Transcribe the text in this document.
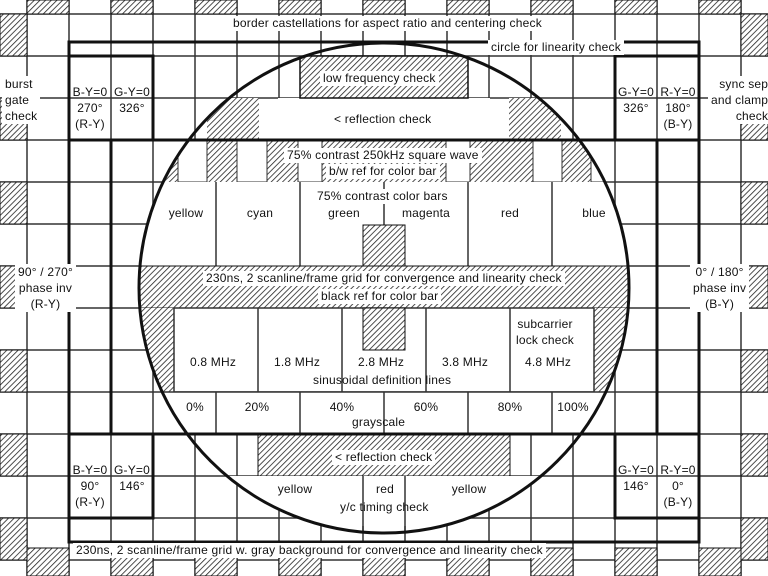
border castellations for aspect ratio and centering check
circle for linearity check
low frequency check
< reflection check
75% contrast 250kHz square wave
b/w ref for color bar
75% contrast color bars
yellow	cyan	green	magenta	red	blue
230ns, 2 scanline/frame grid for convergence and linearity check
black ref for color bar
subcarrier
lock check
0.8 MHz	1.8 MHz	2.8 MHz	3.8 MHz	4.8 MHz
sinusoidal definition lines
0%	20%	40%	60%	80%	100%
grayscale
< reflection check
yellow	red	yellow
y/c timing check
230ns, 2 scanline/frame grid w. gray background for convergence and linearity check
burst
gate
check
sync sep
and clamp
check
90° / 270°
phase inv
(R-Y)
0° / 180°
phase inv
(B-Y)
B-Y=0
270°
(R-Y)
G-Y=0
326°
G-Y=0
326°
R-Y=0
180°
(B-Y)
B-Y=0
90°
(R-Y)
G-Y=0
146°
G-Y=0
146°
R-Y=0
0°
(B-Y)
